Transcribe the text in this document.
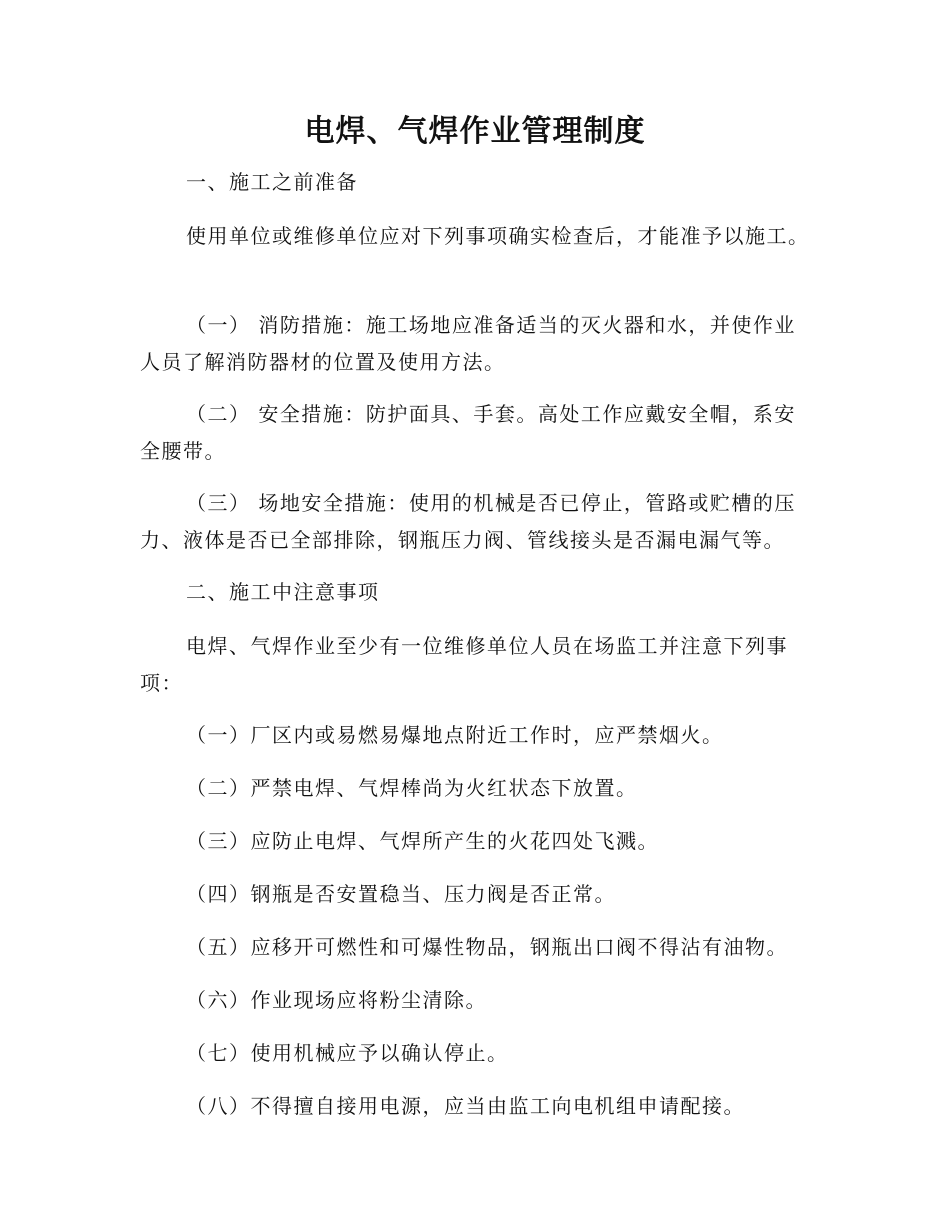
电焊、气焊作业管理制度

一、施工之前准备

使用单位或维修单位应对下列事项确实检查后，才能准予以施工。

（一） 消防措施：施工场地应准备适当的灭火器和水，并使作业人员了解消防器材的位置及使用方法。

（二） 安全措施：防护面具、手套。高处工作应戴安全帽，系安全腰带。

（三） 场地安全措施：使用的机械是否已停止，管路或贮槽的压力、液体是否已全部排除，钢瓶压力阀、管线接头是否漏电漏气等。

二、施工中注意事项

电焊、气焊作业至少有一位维修单位人员在场监工并注意下列事项：

（一）厂区内或易燃易爆地点附近工作时，应严禁烟火。

（二）严禁电焊、气焊棒尚为火红状态下放置。

（三）应防止电焊、气焊所产生的火花四处飞溅。

（四）钢瓶是否安置稳当、压力阀是否正常。

（五）应移开可燃性和可爆性物品，钢瓶出口阀不得沾有油物。

（六）作业现场应将粉尘清除。

（七）使用机械应予以确认停止。

（八）不得擅自接用电源，应当由监工向电机组申请配接。
